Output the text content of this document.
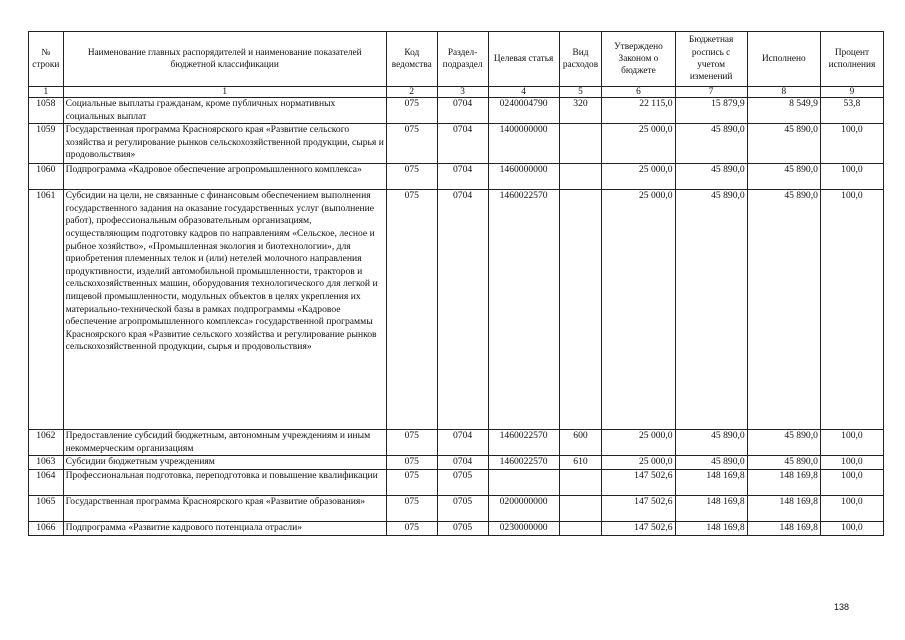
№ строки	Наименование главных распорядителей и наименование показателей бюджетной классификации	Код ведомства	Раздел-подраздел	Целевая статья	Вид расходов	Утверждено Законом о бюджете	Бюджетная роспись с учетом изменений	Исполнено	Процент исполнения
1	1	2	3	4	5	6	7	8	9
1058	Социальные выплаты гражданам, кроме публичных нормативных социальных выплат	075	0704	0240004790	320	22 115,0	15 879,9	8 549,9	53,8
1059	Государственная программа Красноярского края «Развитие сельского хозяйства и регулирование рынков сельскохозяйственной продукции, сырья и продовольствия»	075	0704	1400000000		25 000,0	45 890,0	45 890,0	100,0
1060	Подпрограмма «Кадровое обеспечение агропромышленного комплекса»	075	0704	1460000000		25 000,0	45 890,0	45 890,0	100,0
1061	Субсидии на цели, не связанные с финансовым обеспечением выполнения государственного задания на оказание государственных услуг (выполнение работ), профессиональным образовательным организациям, осуществляющим подготовку кадров по направлениям «Сельское, лесное и рыбное хозяйство», «Промышленная экология и биотехнологии», для приобретения племенных телок и (или) нетелей молочного направления продуктивности, изделий автомобильной промышленности, тракторов и сельскохозяйственных машин, оборудования технологического для легкой и пищевой промышленности, модульных объектов в целях укрепления их материально-технической базы в рамках подпрограммы «Кадровое обеспечение агропромышленного комплекса» государственной программы Красноярского края «Развитие сельского хозяйства и регулирование рынков сельскохозяйственной продукции, сырья и продовольствия»	075	0704	1460022570		25 000,0	45 890,0	45 890,0	100,0
1062	Предоставление субсидий бюджетным, автономным учреждениям и иным некоммерческим организациям	075	0704	1460022570	600	25 000,0	45 890,0	45 890,0	100,0
1063	Субсидии бюджетным учреждениям	075	0704	1460022570	610	25 000,0	45 890,0	45 890,0	100,0
1064	Профессиональная подготовка, переподготовка и повышение квалификации	075	0705			147 502,6	148 169,8	148 169,8	100,0
1065	Государственная программа Красноярского края «Развитие образования»	075	0705	0200000000		147 502,6	148 169,8	148 169,8	100,0
1066	Подпрограмма «Развитие кадрового потенциала отрасли»	075	0705	0230000000		147 502,6	148 169,8	148 169,8	100,0
138
